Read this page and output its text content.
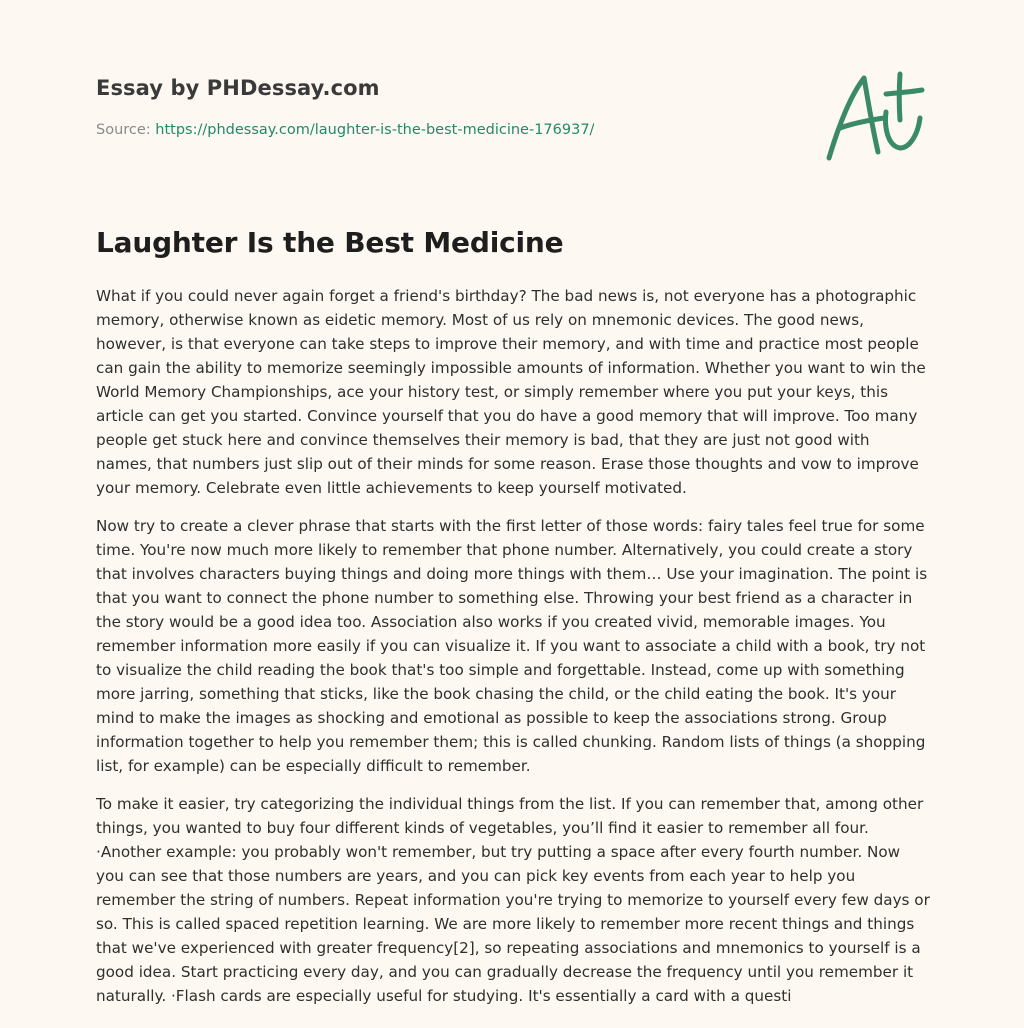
Essay by PHDessay.com
Source: https://phdessay.com/laughter-is-the-best-medicine-176937/
Laughter Is the Best Medicine

What if you could never again forget a friend's birthday? The bad news is, not everyone has a photographic memory, otherwise known as eidetic memory. Most of us rely on mnemonic devices. The good news, however, is that everyone can take steps to improve their memory, and with time and practice most people can gain the ability to memorize seemingly impossible amounts of information. Whether you want to win the World Memory Championships, ace your history test, or simply remember where you put your keys, this article can get you started. Convince yourself that you do have a good memory that will improve. Too many people get stuck here and convince themselves their memory is bad, that they are just not good with names, that numbers just slip out of their minds for some reason. Erase those thoughts and vow to improve your memory. Celebrate even little achievements to keep yourself motivated.

Now try to create a clever phrase that starts with the first letter of those words: fairy tales feel true for some time. You're now much more likely to remember that phone number. Alternatively, you could create a story that involves characters buying things and doing more things with them… Use your imagination. The point is that you want to connect the phone number to something else. Throwing your best friend as a character in the story would be a good idea too. Association also works if you created vivid, memorable images. You remember information more easily if you can visualize it. If you want to associate a child with a book, try not to visualize the child reading the book that's too simple and forgettable. Instead, come up with something more jarring, something that sticks, like the book chasing the child, or the child eating the book. It's your mind to make the images as shocking and emotional as possible to keep the associations strong. Group information together to help you remember them; this is called chunking. Random lists of things (a shopping list, for example) can be especially difficult to remember.

To make it easier, try categorizing the individual things from the list. If you can remember that, among other things, you wanted to buy four different kinds of vegetables, you’ll find it easier to remember all four. ·Another example: you probably won't remember, but try putting a space after every fourth number. Now you can see that those numbers are years, and you can pick key events from each year to help you remember the string of numbers. Repeat information you're trying to memorize to yourself every few days or so. This is called spaced repetition learning. We are more likely to remember more recent things and things that we've experienced with greater frequency[2], so repeating associations and mnemonics to yourself is a good idea. Start practicing every day, and you can gradually decrease the frequency until you remember it naturally. ·Flash cards are especially useful for studying. It's essentially a card with a questi
